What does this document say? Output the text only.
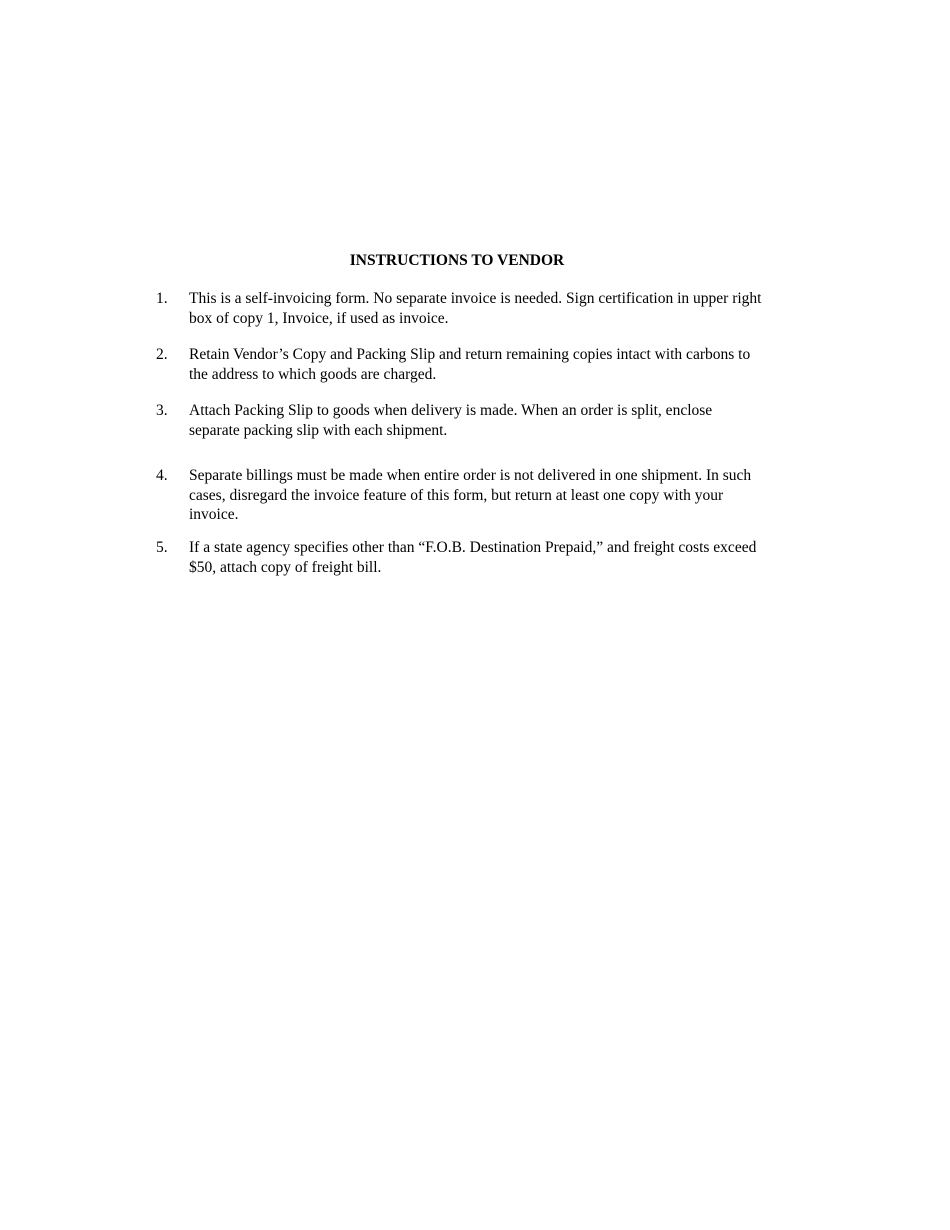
INSTRUCTIONS TO VENDOR
1.	This is a self-invoicing form. No separate invoice is needed. Sign certification in upper right box of copy 1, Invoice, if used as invoice.
2.	Retain Vendor’s Copy and Packing Slip and return remaining copies intact with carbons to the address to which goods are charged.
3.	Attach Packing Slip to goods when delivery is made. When an order is split, enclose separate packing slip with each shipment.
4.	Separate billings must be made when entire order is not delivered in one shipment. In such cases, disregard the invoice feature of this form, but return at least one copy with your invoice.
5.	If a state agency specifies other than “F.O.B. Destination Prepaid,” and freight costs exceed $50, attach copy of freight bill.
